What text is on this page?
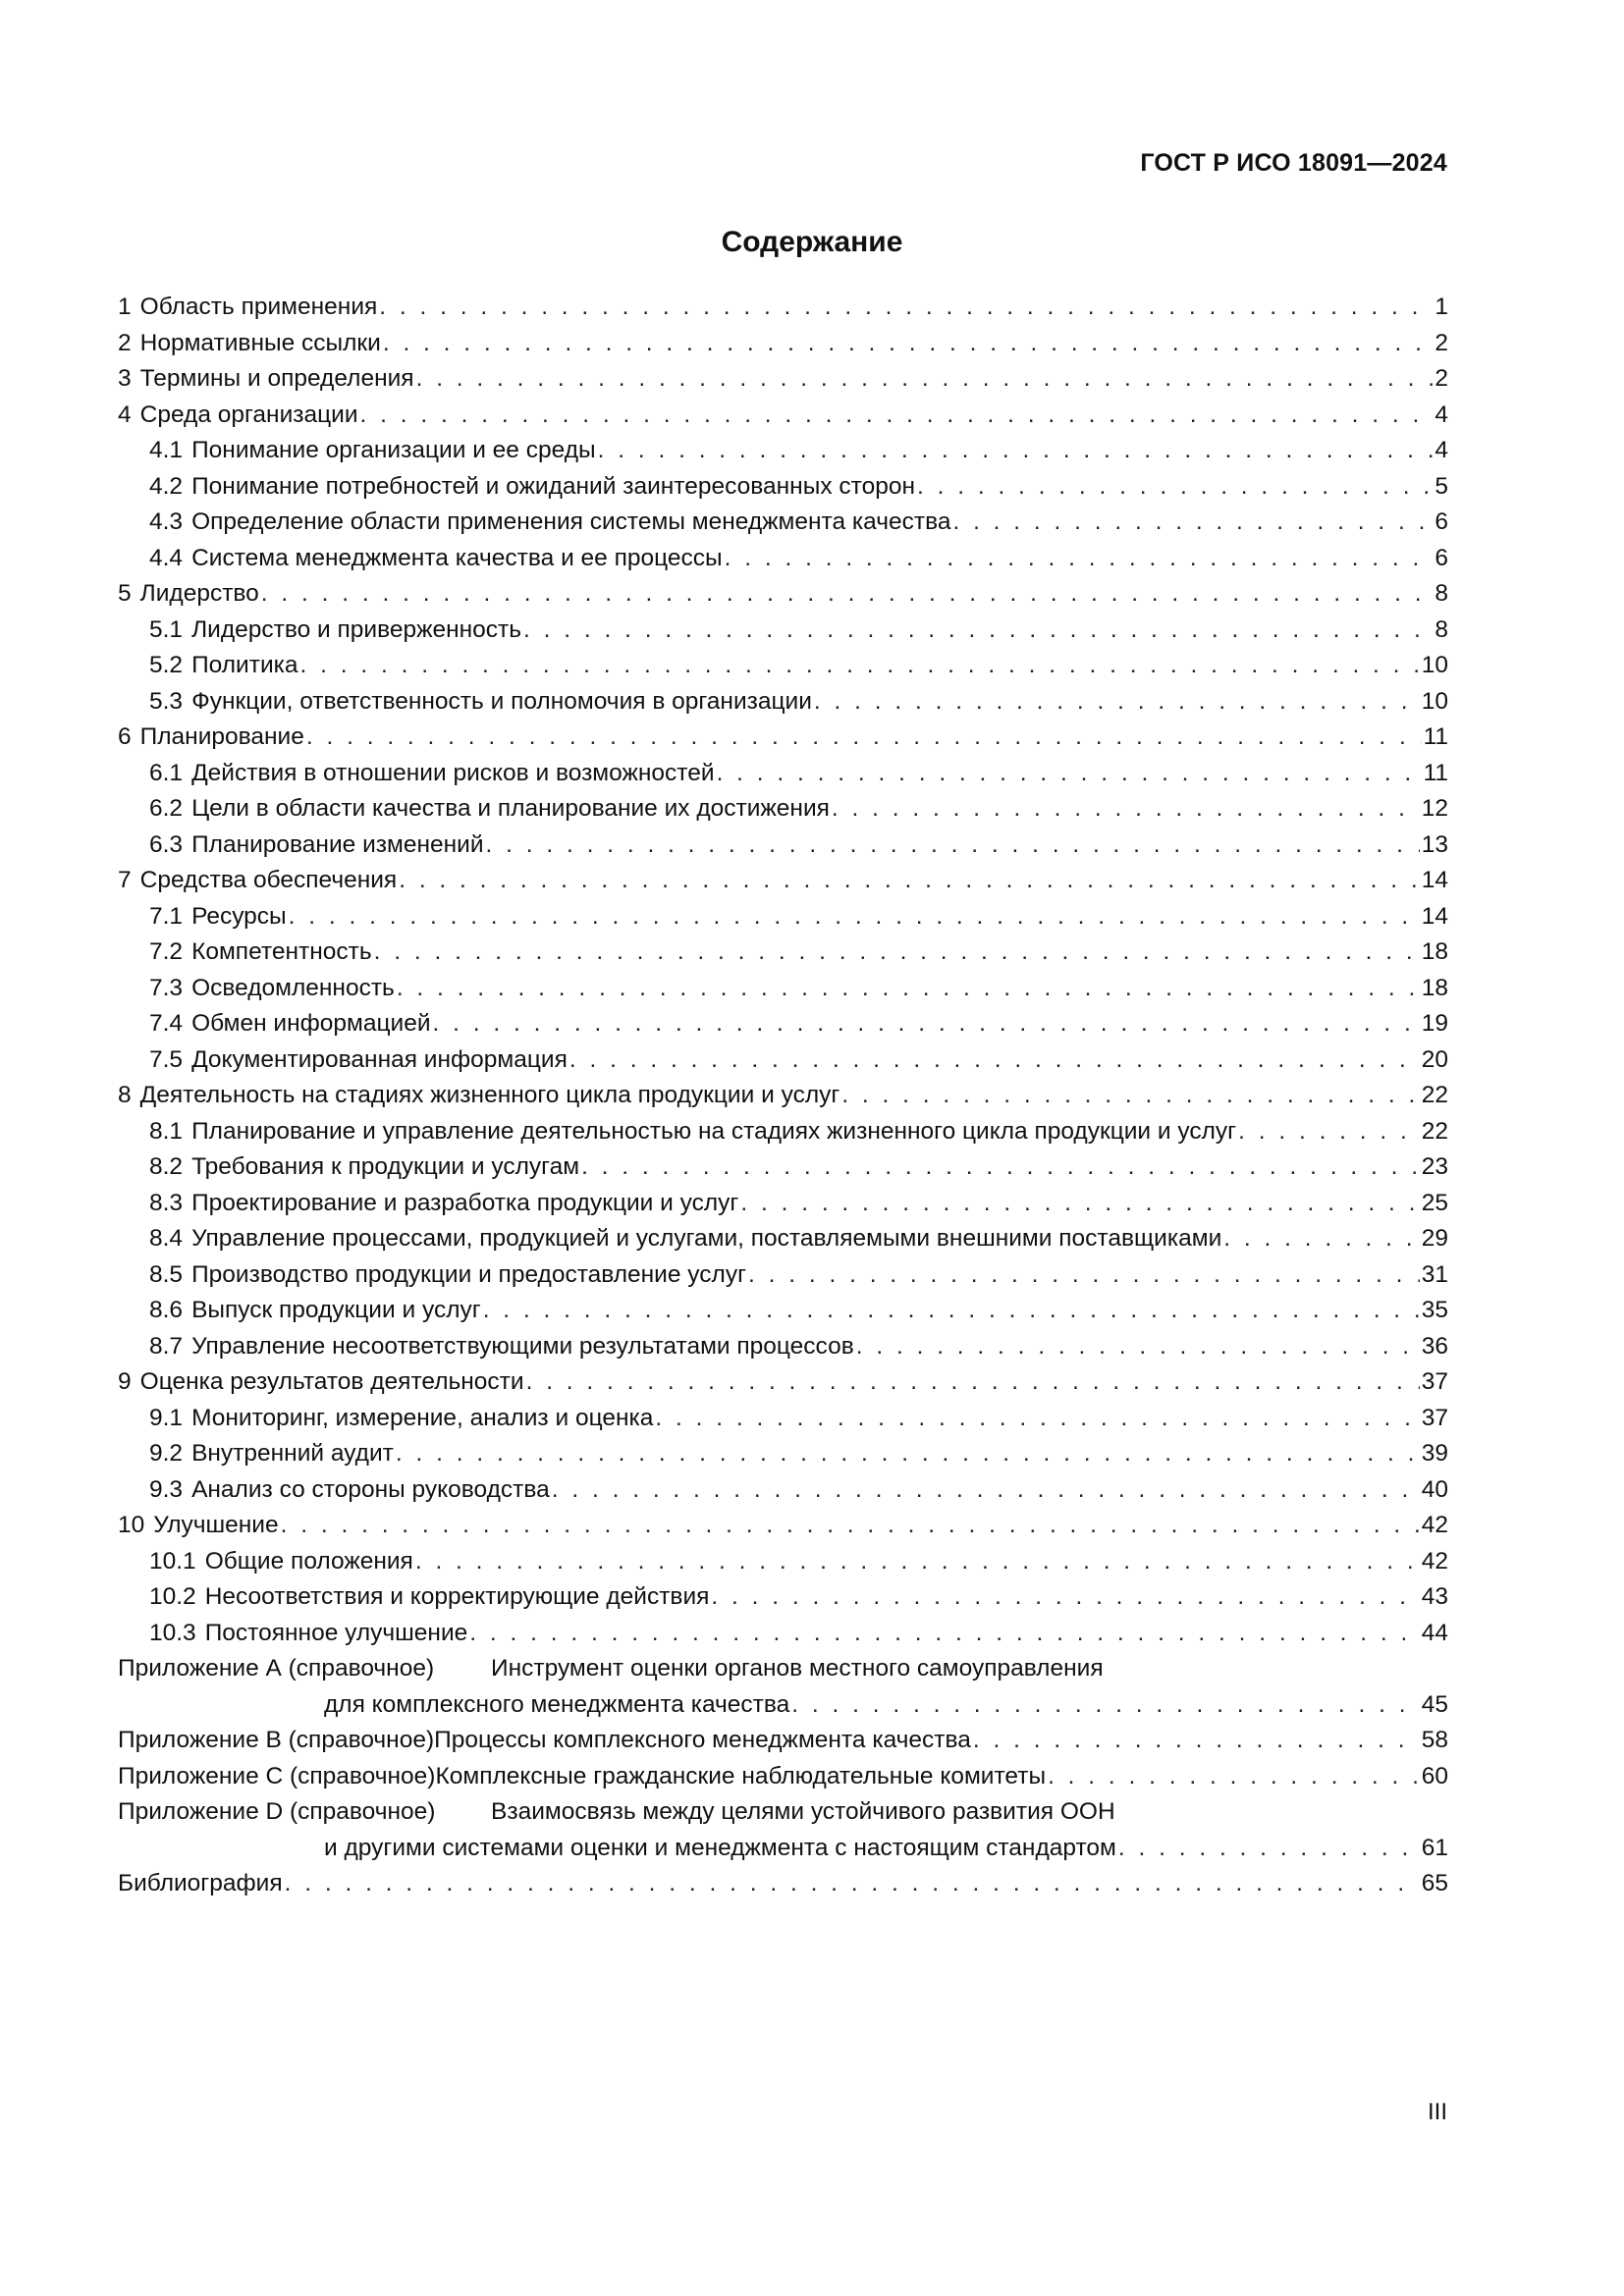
ГОСТ Р ИСО 18091—2024
Содержание
1 Область применения . . .	1
2 Нормативные ссылки . . .	2
3 Термины и определения . . .	2
4 Среда организации . . .	4
4.1 Понимание организации и ее среды . . .	4
4.2 Понимание потребностей и ожиданий заинтересованных сторон . . .	5
4.3 Определение области применения системы менеджмента качества . . .	6
4.4 Система менеджмента качества и ее процессы . . .	6
5 Лидерство . . .	8
5.1 Лидерство и приверженность . . .	8
5.2 Политика . . .	10
5.3 Функции, ответственность и полномочия в организации . . .	10
6 Планирование . . .	11
6.1 Действия в отношении рисков и возможностей . . .	11
6.2 Цели в области качества и планирование их достижения . . .	12
6.3 Планирование изменений . . .	13
7 Средства обеспечения . . .	14
7.1 Ресурсы . . .	14
7.2 Компетентность . . .	18
7.3 Осведомленность . . .	18
7.4 Обмен информацией . . .	19
7.5 Документированная информация . . .	20
8 Деятельность на стадиях жизненного цикла продукции и услуг . . .	22
8.1 Планирование и управление деятельностью на стадиях жизненного цикла продукции и услуг . . .	22
8.2 Требования к продукции и услугам . . .	23
8.3 Проектирование и разработка продукции и услуг . . .	25
8.4 Управление процессами, продукцией и услугами, поставляемыми внешними поставщиками . . .	29
8.5 Производство продукции и предоставление услуг . . .	31
8.6 Выпуск продукции и услуг . . .	35
8.7 Управление несоответствующими результатами процессов . . .	36
9 Оценка результатов деятельности . . .	37
9.1 Мониторинг, измерение, анализ и оценка . . .	37
9.2 Внутренний аудит . . .	39
9.3 Анализ со стороны руководства . . .	40
10 Улучшение . . .	42
10.1 Общие положения . . .	42
10.2 Несоответствия и корректирующие действия . . .	43
10.3 Постоянное улучшение . . .	44
Приложение А (справочное) Инструмент оценки органов местного самоуправления
для комплексного менеджмента качества . . .	45
Приложение В (справочное) Процессы комплексного менеджмента качества . . .	58
Приложение С (справочное) Комплексные гражданские наблюдательные комитеты . . .	60
Приложение D (справочное) Взаимосвязь между целями устойчивого развития ООН
и другими системами оценки и менеджмента с настоящим стандартом . . .	61
Библиография . . .	65
III
